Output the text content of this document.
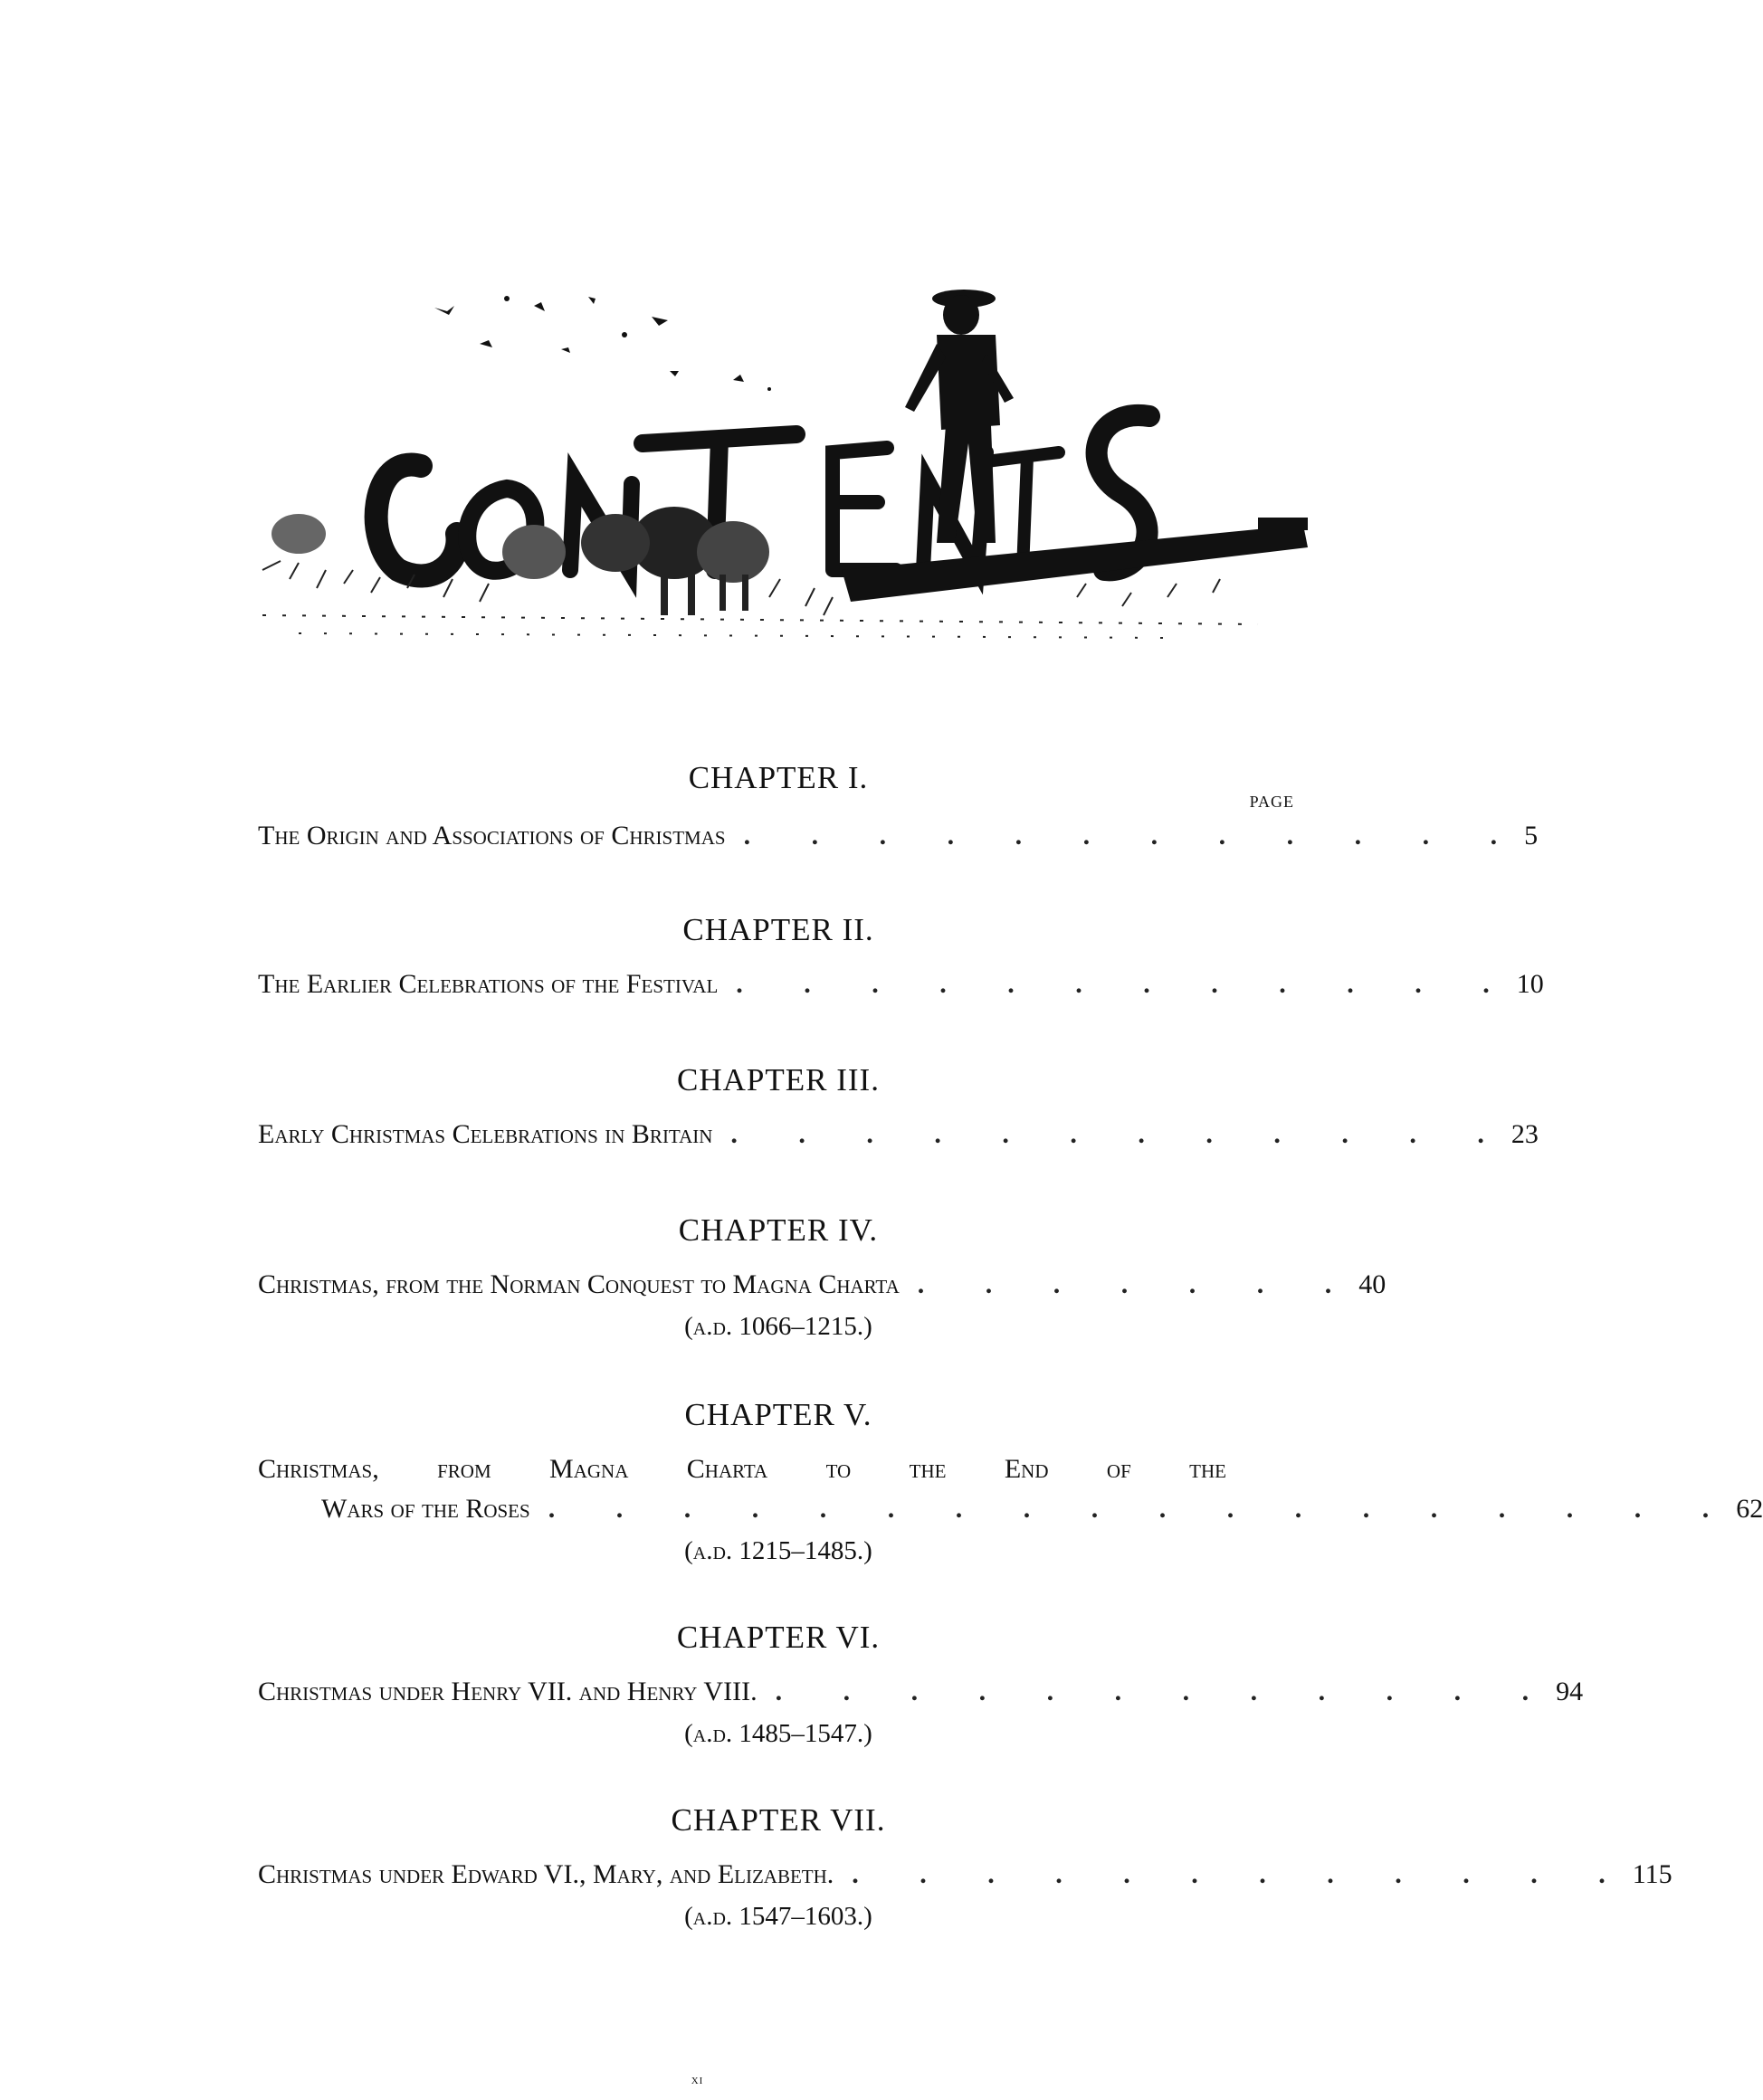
CHAPTER I.

PAGE
The Origin and Associations of Christmas . . . . . . . . . . . . 5

CHAPTER II.

The Earlier Celebrations of the Festival . . . . . . . . . . . . 10

CHAPTER III.

Early Christmas Celebrations in Britain . . . . . . . . . . . . 23

CHAPTER IV.

Christmas, from the Norman Conquest to Magna Charta . . . . . . . 40
(a.d. 1066–1215.)

CHAPTER V.

Christmas, from Magna Charta to the End of the
Wars of the Roses . . . . . . . . . . . . . . . . . . 62
(a.d. 1215–1485.)

CHAPTER VI.

Christmas under Henry VII. and Henry VIII. . . . . . . . . . . . . 94
(a.d. 1485–1547.)

CHAPTER VII.

Christmas under Edward VI., Mary, and Elizabeth. . . . . . . . . . . . . 115
(a.d. 1547–1603.)
xi
